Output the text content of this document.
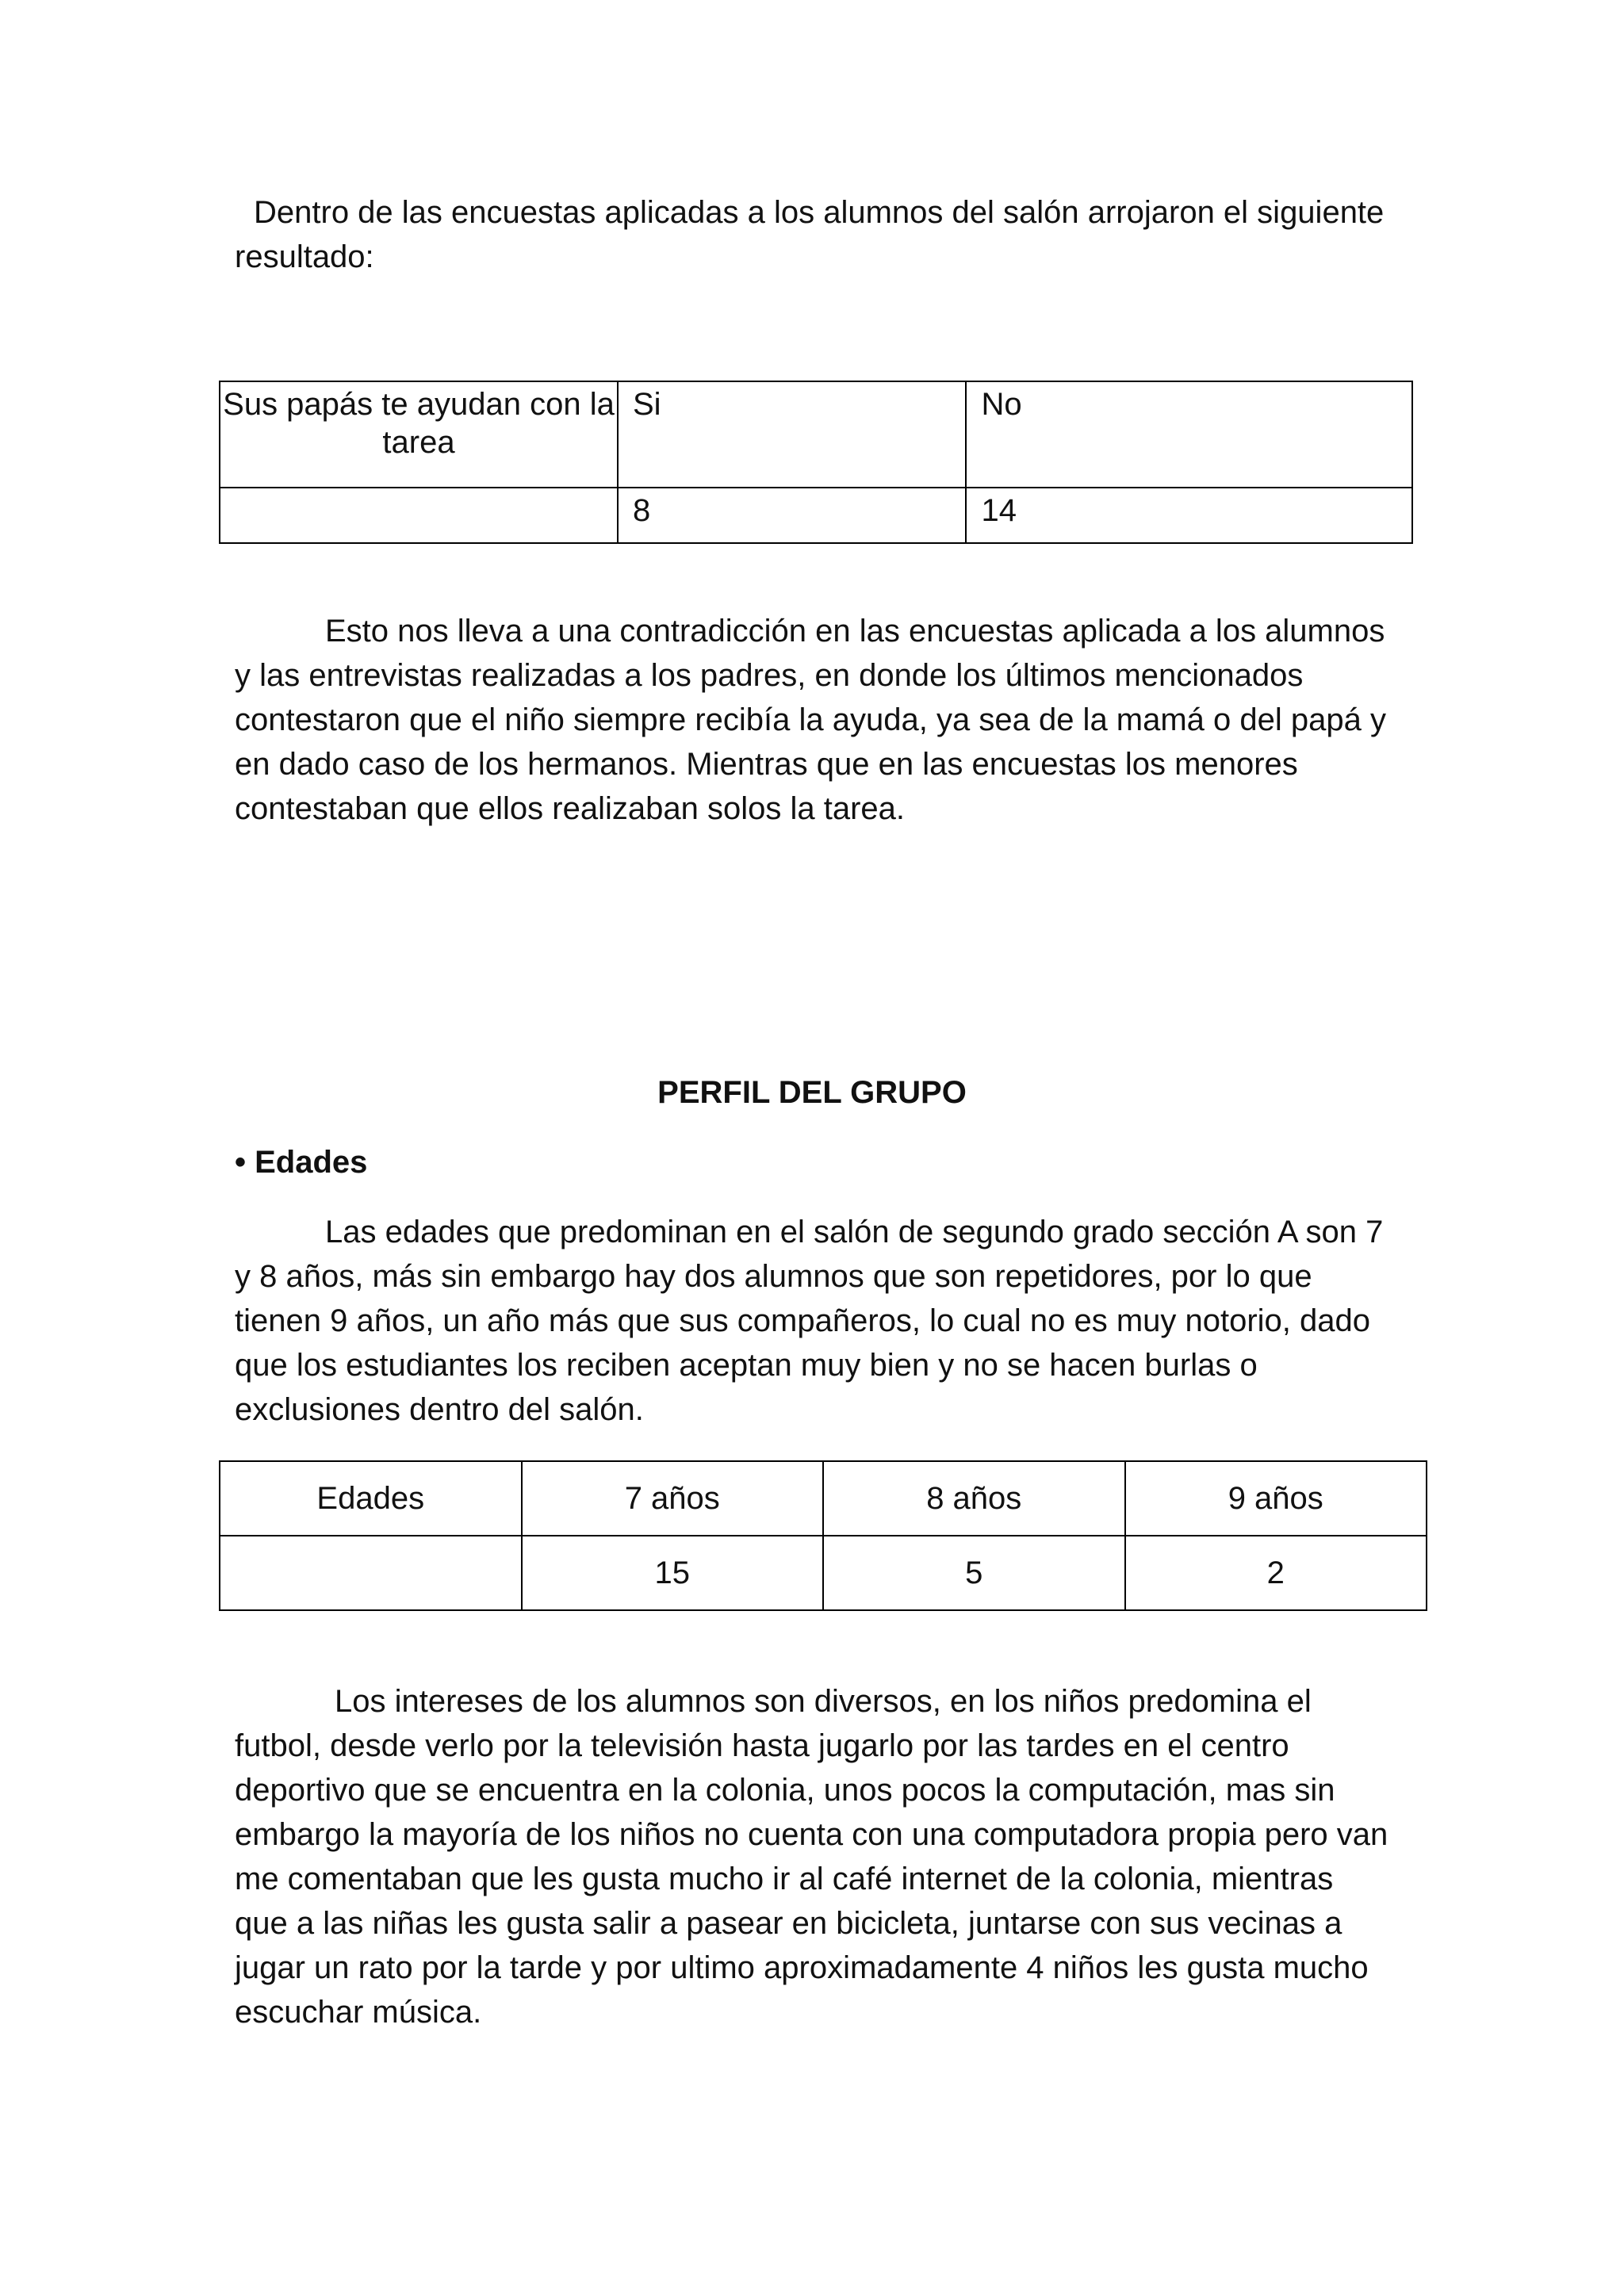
Dentro de las encuestas aplicadas a los alumnos del salón arrojaron el siguiente resultado:

Sus papás te ayudan con la tarea	Si	No
	8	14

Esto nos lleva a una contradicción en las encuestas aplicada a los alumnos y las entrevistas realizadas a los padres, en donde los últimos mencionados contestaron que el niño siempre recibía la ayuda, ya sea de la mamá o del papá y en dado caso de los hermanos. Mientras que en las encuestas los menores contestaban que ellos realizaban solos la tarea.

PERFIL DEL GRUPO
• Edades

Las edades que predominan en el salón de segundo grado sección A son 7 y 8 años, más sin embargo hay dos alumnos que son repetidores, por lo que tienen 9 años, un año más que sus compañeros, lo cual no es muy notorio, dado que los estudiantes los reciben aceptan muy bien y no se hacen burlas o exclusiones dentro del salón.

Edades	7 años	8 años	9 años
	15	5	2

Los intereses de los alumnos son diversos, en los niños predomina el futbol, desde verlo por la televisión hasta jugarlo por las tardes en el centro deportivo que se encuentra en la colonia, unos pocos la computación, mas sin embargo la mayoría de los niños no cuenta con una computadora propia pero van me comentaban que les gusta mucho ir al café internet de la colonia, mientras que a las niñas les gusta salir a pasear en bicicleta, juntarse con sus vecinas a jugar un rato por la tarde y por ultimo aproximadamente 4 niños les gusta mucho escuchar música.
